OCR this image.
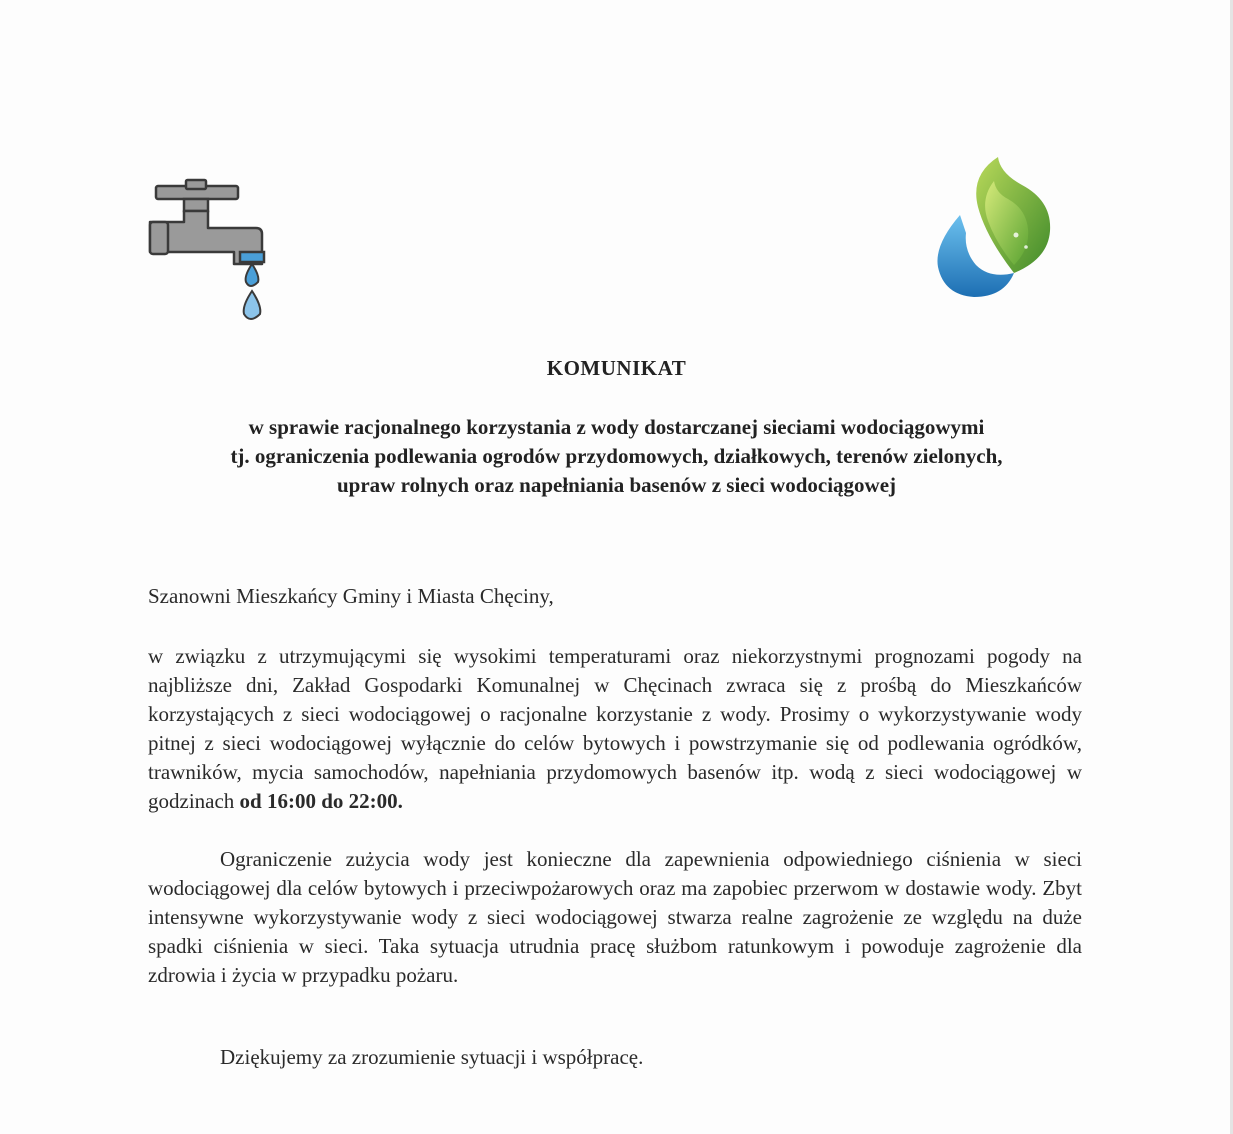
KOMUNIKAT
w sprawie racjonalnego korzystania z wody dostarczanej sieciami wodociągowymi
tj. ograniczenia podlewania ogrodów przydomowych, działkowych, terenów zielonych,
upraw rolnych oraz napełniania basenów z sieci wodociągowej
Szanowni Mieszkańcy Gminy i Miasta Chęciny,
w związku z utrzymującymi się wysokimi temperaturami oraz niekorzystnymi prognozami pogody na najbliższe dni, Zakład Gospodarki Komunalnej w Chęcinach zwraca się z prośbą do Mieszkańców korzystających z sieci wodociągowej o racjonalne korzystanie z wody. Prosimy o wykorzystywanie wody pitnej z sieci wodociągowej wyłącznie do celów bytowych i powstrzymanie się od podlewania ogródków, trawników, mycia samochodów, napełniania przydomowych basenów itp. wodą z sieci wodociągowej w godzinach od 16:00 do 22:00.
Ograniczenie zużycia wody jest konieczne dla zapewnienia odpowiedniego ciśnienia w sieci wodociągowej dla celów bytowych i przeciwpożarowych oraz ma zapobiec przerwom w dostawie wody. Zbyt intensywne wykorzystywanie wody z sieci wodociągowej stwarza realne zagrożenie ze względu na duże spadki ciśnienia w sieci. Taka sytuacja utrudnia pracę służbom ratunkowym i powoduje zagrożenie dla zdrowia i życia w przypadku pożaru.
Dziękujemy za zrozumienie sytuacji i współpracę.
